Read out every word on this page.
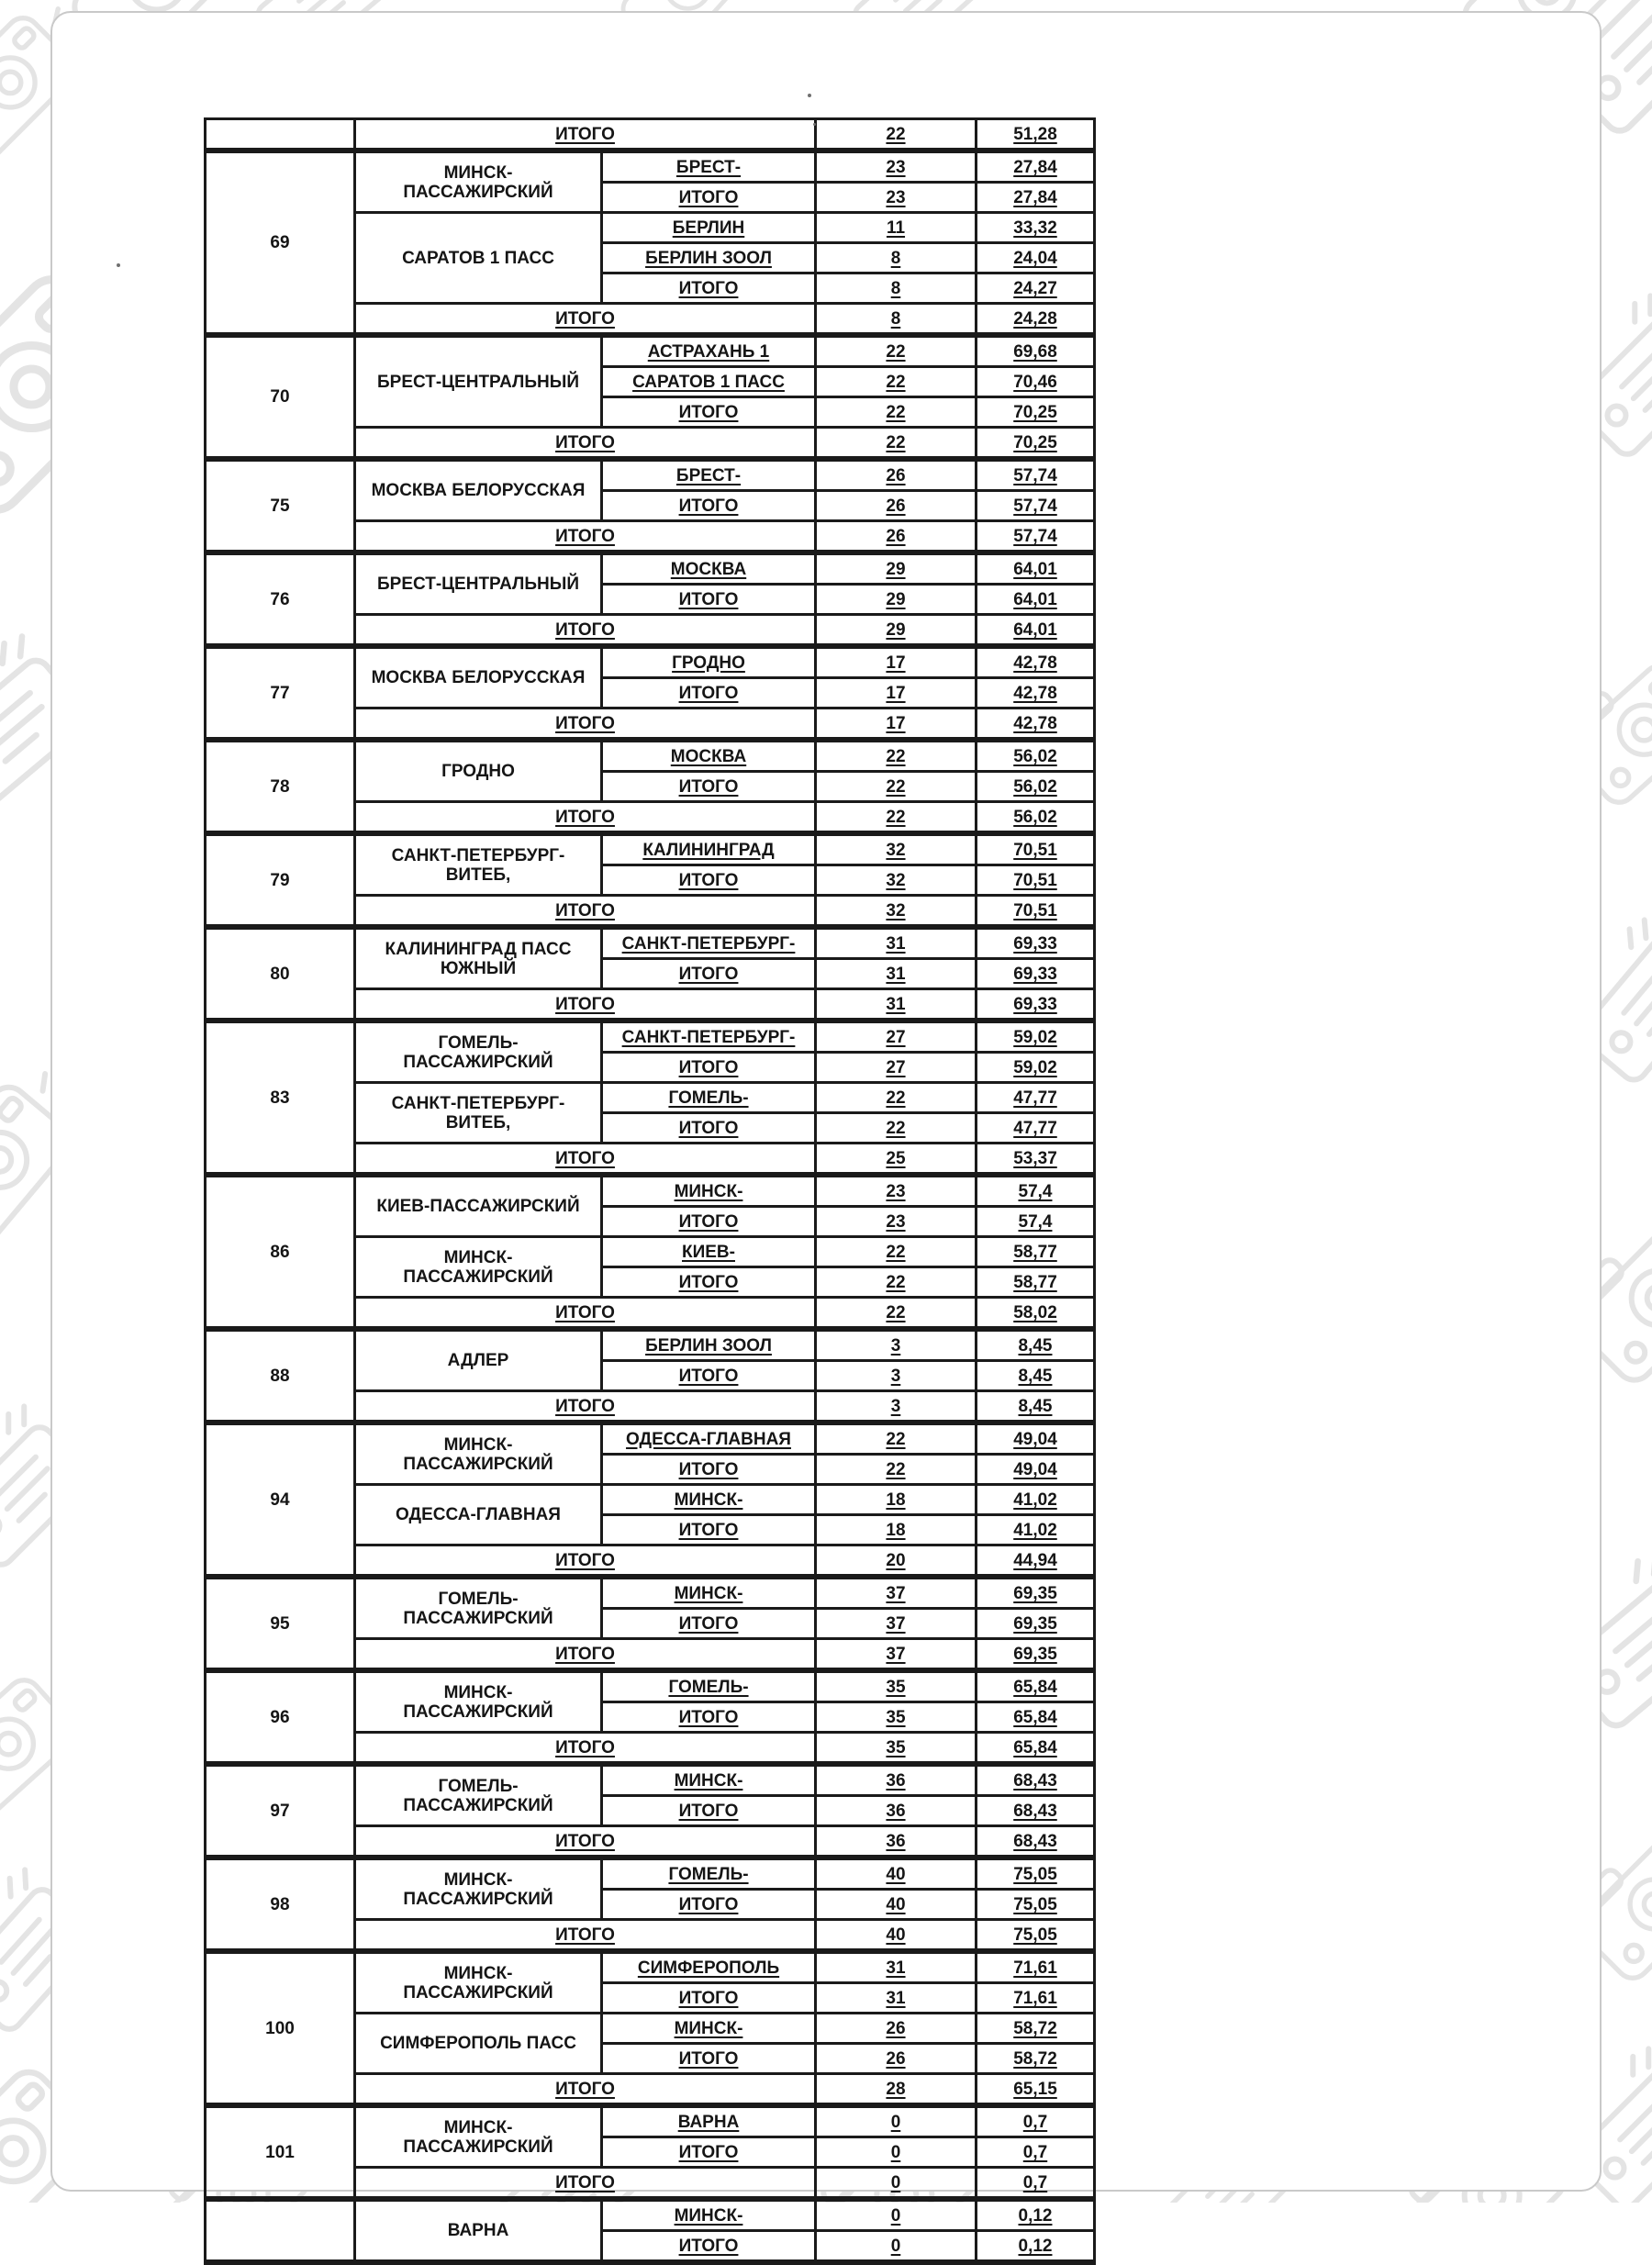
	ИТОГО		22	51,28
69	МИНСК-
ПАССАЖИРСКИЙ	БРЕСТ-	23	27,84
		ИТОГО	23	27,84

	САРАТОВ 1 ПАСС	БЕРЛИН	11	33,32
		БЕРЛИН ЗООЛ	8	24,04
		ИТОГО	8	24,27
	ИТОГО		8	24,28
70	БРЕСТ-ЦЕНТРАЛЬНЫЙ	АСТРАХАНЬ 1	22	69,68
		САРАТОВ 1 ПАСС	22	70,46
		ИТОГО	22	70,25
	ИТОГО		22	70,25
75	МОСКВА БЕЛОРУССКАЯ	БРЕСТ-	26	57,74
		ИТОГО	26	57,74
	ИТОГО		26	57,74
76	БРЕСТ-ЦЕНТРАЛЬНЫЙ	МОСКВА	29	64,01
		ИТОГО	29	64,01
	ИТОГО		29	64,01
77	МОСКВА БЕЛОРУССКАЯ	ГРОДНО	17	42,78
		ИТОГО	17	42,78
	ИТОГО		17	42,78
78	ГРОДНО	МОСКВА	22	56,02
		ИТОГО	22	56,02
	ИТОГО		22	56,02
79	САНКТ-ПЕТЕРБУРГ-
ВИТЕБ,	КАЛИНИНГРАД	32	70,51
		ИТОГО	32	70,51
	ИТОГО		32	70,51
80	КАЛИНИНГРАД ПАСС
ЮЖНЫЙ	САНКТ-ПЕТЕРБУРГ-	31	69,33
		ИТОГО	31	69,33
	ИТОГО		31	69,33
83	ГОМЕЛЬ-
ПАССАЖИРСКИЙ	САНКТ-ПЕТЕРБУРГ-	27	59,02
		ИТОГО	27	59,02

	САНКТ-ПЕТЕРБУРГ-
ВИТЕБ,	ГОМЕЛЬ-	22	47,77
		ИТОГО	22	47,77
	ИТОГО		25	53,37
86	КИЕВ-ПАССАЖИРСКИЙ	МИНСК-	23	57,4
		ИТОГО	23	57,4

	МИНСК-
ПАССАЖИРСКИЙ	КИЕВ-	22	58,77
		ИТОГО	22	58,77
	ИТОГО		22	58,02
88	АДЛЕР	БЕРЛИН ЗООЛ	3	8,45
		ИТОГО	3	8,45
	ИТОГО		3	8,45
94	МИНСК-
ПАССАЖИРСКИЙ	ОДЕССА-ГЛАВНАЯ	22	49,04
		ИТОГО	22	49,04

	ОДЕССА-ГЛАВНАЯ	МИНСК-	18	41,02
		ИТОГО	18	41,02
	ИТОГО		20	44,94
95	ГОМЕЛЬ-
ПАССАЖИРСКИЙ	МИНСК-	37	69,35
		ИТОГО	37	69,35
	ИТОГО		37	69,35
96	МИНСК-
ПАССАЖИРСКИЙ	ГОМЕЛЬ-	35	65,84
		ИТОГО	35	65,84
	ИТОГО		35	65,84
97	ГОМЕЛЬ-
ПАССАЖИРСКИЙ	МИНСК-	36	68,43
		ИТОГО	36	68,43
	ИТОГО		36	68,43
98	МИНСК-
ПАССАЖИРСКИЙ	ГОМЕЛЬ-	40	75,05
		ИТОГО	40	75,05
	ИТОГО		40	75,05
100	МИНСК-
ПАССАЖИРСКИЙ	СИМФЕРОПОЛЬ	31	71,61
		ИТОГО	31	71,61

	СИМФЕРОПОЛЬ ПАСС	МИНСК-	26	58,72
		ИТОГО	26	58,72
	ИТОГО		28	65,15
101	МИНСК-
ПАССАЖИРСКИЙ	ВАРНА	0	0,7
		ИТОГО	0	0,7
	ИТОГО		0	0,7

	ВАРНА	МИНСК-	0	0,12
		ИТОГО	0	0,12
